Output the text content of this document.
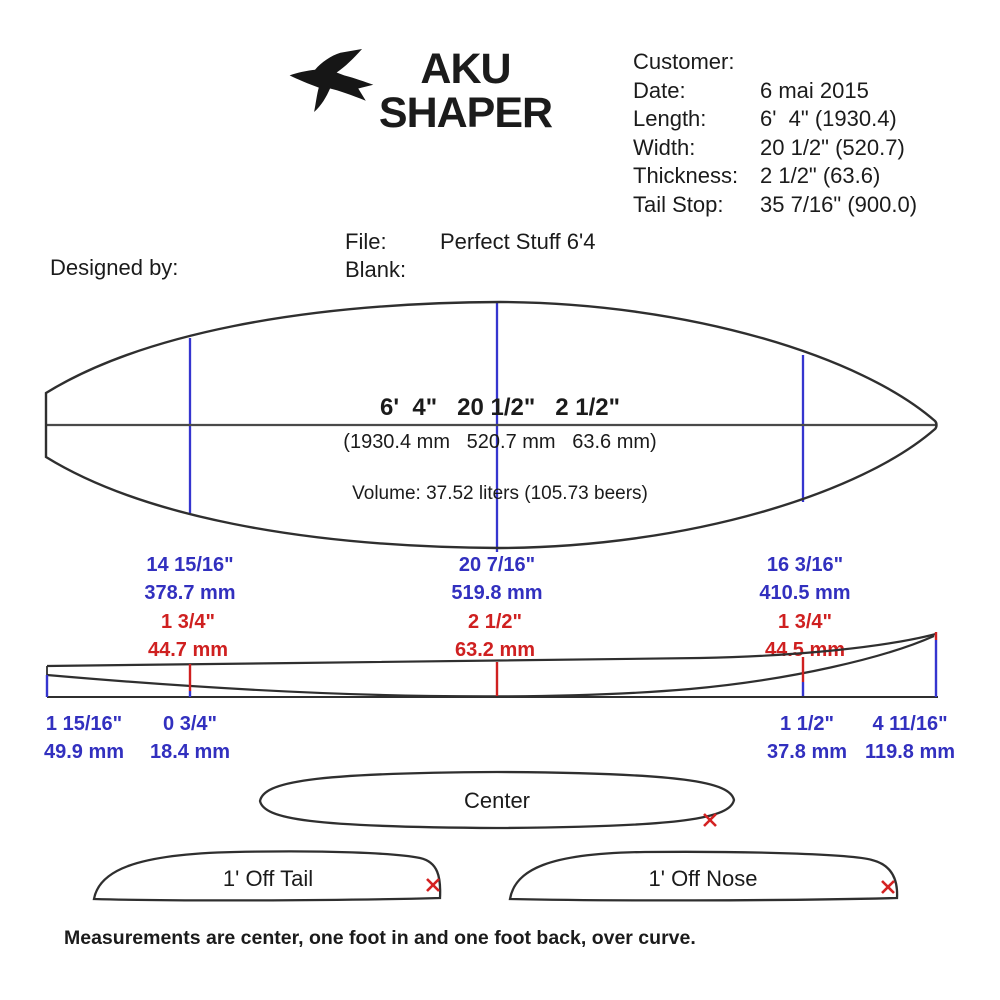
AKU
SHAPER
Customer:
Date:	6 mai 2015
Length:	6'  4" (1930.4)
Width:	20 1/2" (520.7)
Thickness: 2 1/2" (63.6)
Tail Stop:	35 7/16" (900.0)
File: Perfect Stuff 6'4
Blank:
Designed by:
6'  4"   20 1/2"   2 1/2"
(1930.4 mm   520.7 mm   63.6 mm)
Volume: 37.52 liters (105.73 beers)
14 15/16"	20 7/16"	16 3/16"
378.7 mm	519.8 mm	410.5 mm
1 3/4"	2 1/2"	1 3/4"
44.7 mm	63.2 mm	44.5 mm
1 15/16" 0 3/4"	1 1/2" 4 11/16"
49.9 mm 18.4 mm	37.8 mm 119.8 mm
Center
1' Off Tail	1' Off Nose
Measurements are center, one foot in and one foot back, over curve.
